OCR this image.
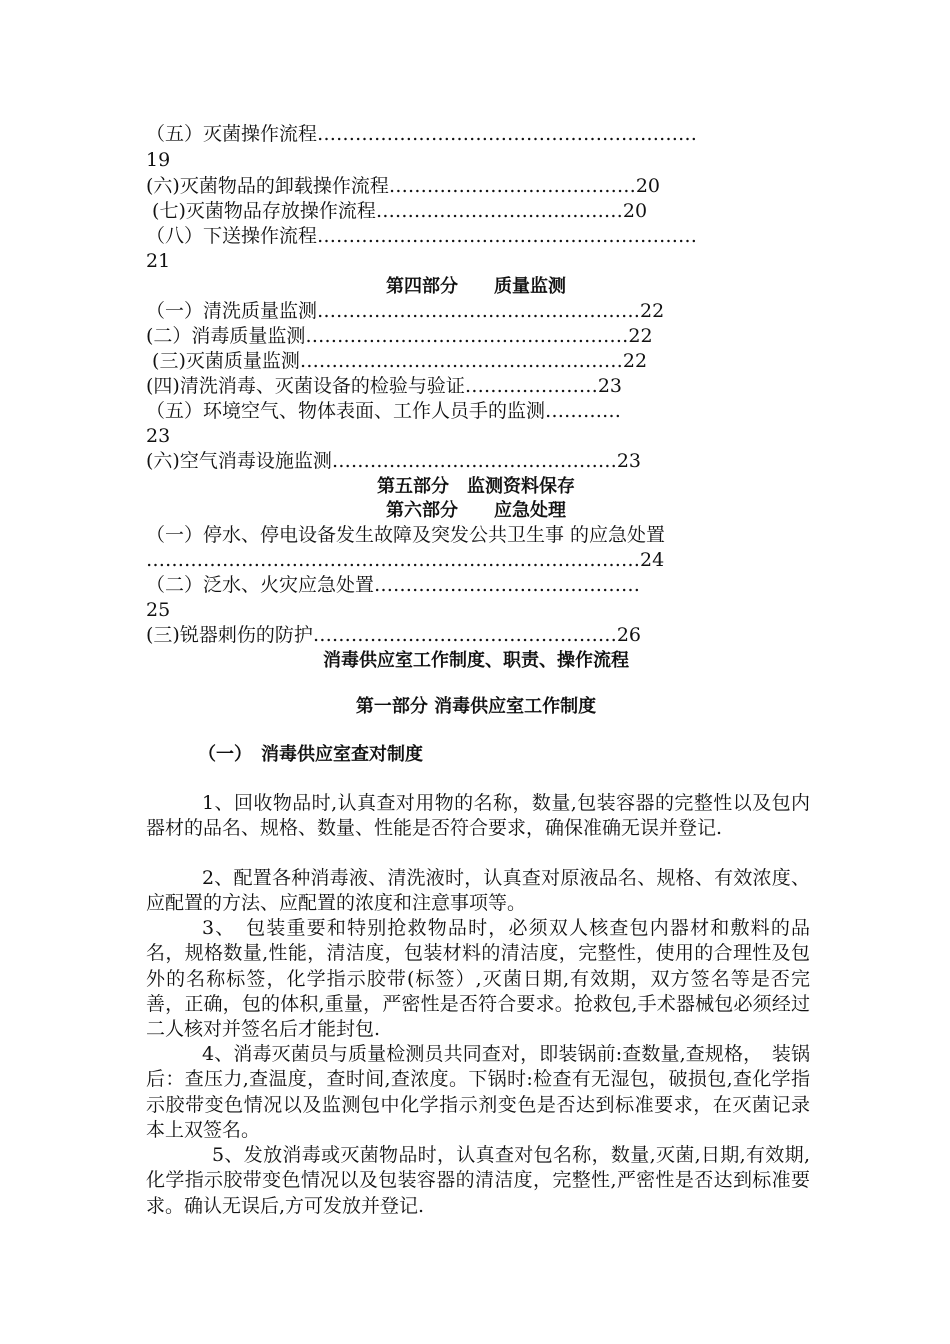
（五）灭菌操作流程……………………………………………………
19
(六)灭菌物品的卸载操作流程…………………………………20
(七)灭菌物品存放操作流程…………………………………20
（八）下送操作流程……………………………………………………
21
第四部分　　质量监测
（一）清洗质量监测……………………………………………22
(二）消毒质量监测……………………………………………22
(三)灭菌质量监测……………………………………………22
(四)清洗消毒、灭菌设备的检验与验证…………………23
（五）环境空气、物体表面、工作人员手的监测…………
23
(六)空气消毒设施监测………………………………………23
第五部分　监测资料保存
第六部分　　应急处理
（一）停水、停电设备发生故障及突发公共卫生事 的应急处置
……………………………………………………………………24
（二）泛水、火灾应急处置……………………………………
25
(三)锐器刺伤的防护…………………………………………26
消毒供应室工作制度、职责、操作流程
第一部分 消毒供应室工作制度
（一）　消毒供应室查对制度

1、回收物品时,认真查对用物的名称，数量,包装容器的完整性以及包内器材的品名、规格、数量、性能是否符合要求，确保准确无误并登记.

2、配置各种消毒液、清洗液时，认真查对原液品名、规格、有效浓度、应配置的方法、应配置的浓度和注意事项等。

3、　包装重要和特别抢救物品时，必须双人核查包内器材和敷料的品名，规格数量,性能，清洁度，包装材料的清洁度，完整性，使用的合理性及包外的名称标签，化学指示胶带(标签）,灭菌日期,有效期，双方签名等是否完善，正确，包的体积,重量，严密性是否符合要求。抢救包,手术器械包必须经过二人核对并签名后才能封包.

4、消毒灭菌员与质量检测员共同查对，即装锅前:查数量,查规格，　装锅后：查压力,查温度，查时间,查浓度。下锅时:检查有无湿包，破损包,查化学指示胶带变色情况以及监测包中化学指示剂变色是否达到标准要求，在灭菌记录本上双签名。

5、发放消毒或灭菌物品时，认真查对包名称，数量,灭菌,日期,有效期,化学指示胶带变色情况以及包装容器的清洁度，完整性,严密性是否达到标准要求。确认无误后,方可发放并登记.
